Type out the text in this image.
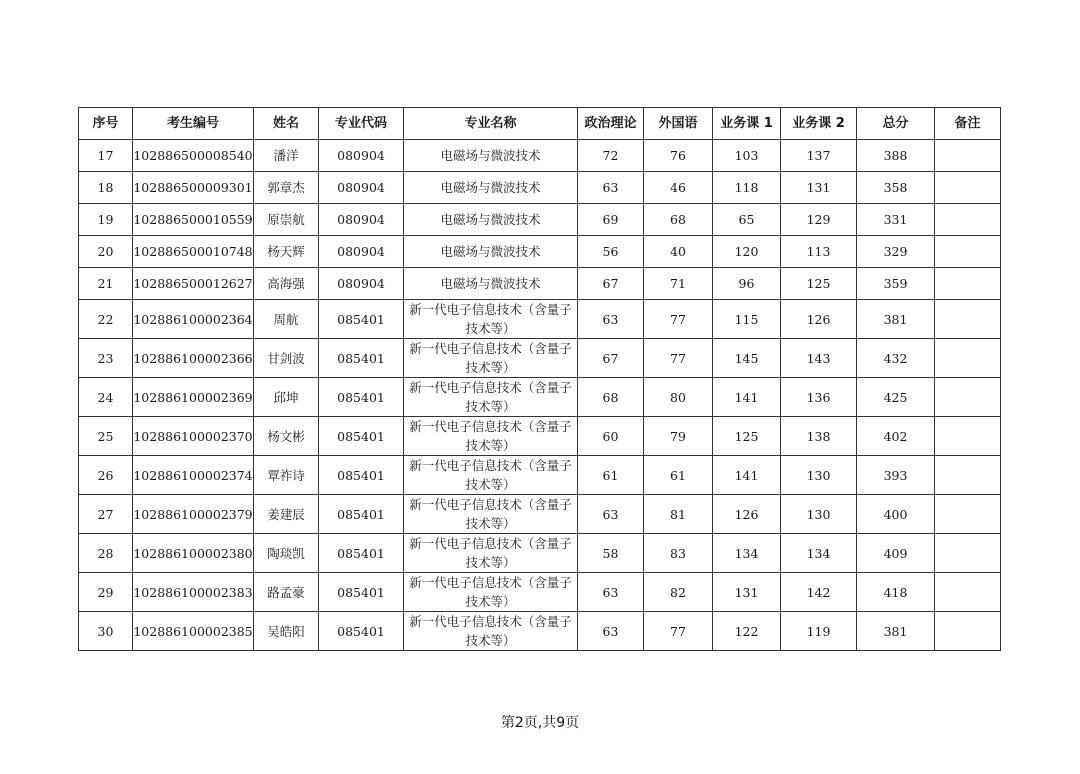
序号	考生编号	姓名	专业代码	专业名称	政治理论	外国语	业务课 1	业务课 2	总分	备注
17	102886500008540	潘洋	080904	电磁场与微波技术	72	76	103	137	388	
18	102886500009301	郭章杰	080904	电磁场与微波技术	63	46	118	131	358	
19	102886500010559	原崇航	080904	电磁场与微波技术	69	68	65	129	331	
20	102886500010748	杨天辉	080904	电磁场与微波技术	56	40	120	113	329	
21	102886500012627	高海强	080904	电磁场与微波技术	67	71	96	125	359	
22	102886100002364	周航	085401	新一代电子信息技术（含量子技术等）	63	77	115	126	381	
23	102886100002366	甘剑波	085401	新一代电子信息技术（含量子技术等）	67	77	145	143	432	
24	102886100002369	邱坤	085401	新一代电子信息技术（含量子技术等）	68	80	141	136	425	
25	102886100002370	杨文彬	085401	新一代电子信息技术（含量子技术等）	60	79	125	138	402	
26	102886100002374	覃祚诗	085401	新一代电子信息技术（含量子技术等）	61	61	141	130	393	
27	102886100002379	姜建辰	085401	新一代电子信息技术（含量子技术等）	63	81	126	130	400	
28	102886100002380	陶琰凯	085401	新一代电子信息技术（含量子技术等）	58	83	134	134	409	
29	102886100002383	路孟豪	085401	新一代电子信息技术（含量子技术等）	63	82	131	142	418	
30	102886100002385	吴皓阳	085401	新一代电子信息技术（含量子技术等）	63	77	122	119	381	
第2页,共9页
